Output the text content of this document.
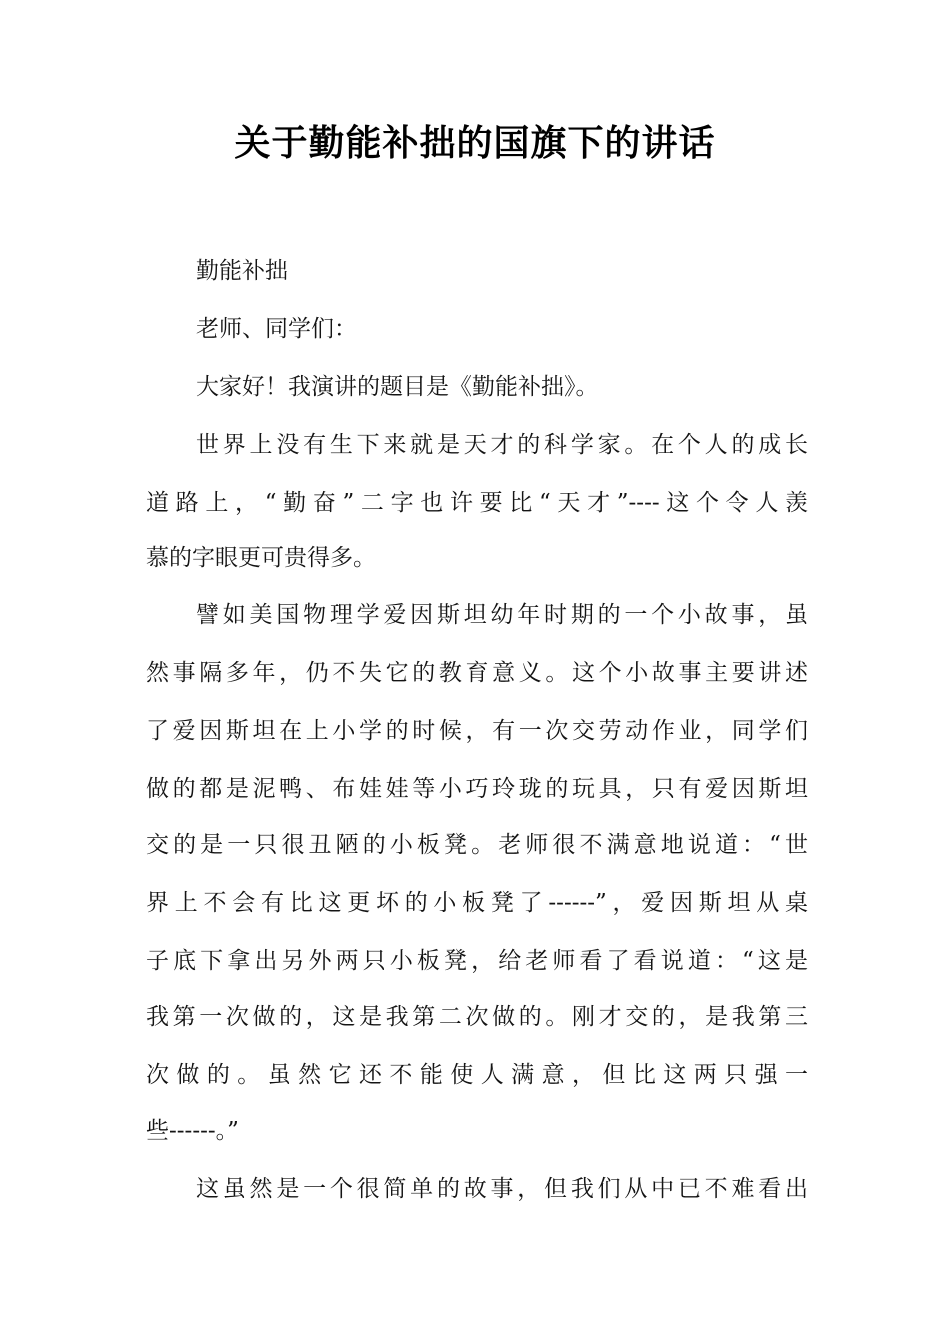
关于勤能补拙的国旗下的讲话
勤能补拙
老师、同学们：
大家好！我演讲的题目是《勤能补拙》。
世界上没有生下来就是天才的科学家。在个人的成长
道路上，“勤奋”二字也许要比“天才”----这个令人羡
慕的字眼更可贵得多。
譬如美国物理学爱因斯坦幼年时期的一个小故事，虽
然事隔多年，仍不失它的教育意义。这个小故事主要讲述
了爱因斯坦在上小学的时候，有一次交劳动作业，同学们
做的都是泥鸭、布娃娃等小巧玲珑的玩具，只有爱因斯坦
交的是一只很丑陋的小板凳。老师很不满意地说道：“世
界上不会有比这更坏的小板凳了------”，爱因斯坦从桌
子底下拿出另外两只小板凳，给老师看了看说道：“这是
我第一次做的，这是我第二次做的。刚才交的，是我第三
次做的。虽然它还不能使人满意，但比这两只强一
些------。”
这虽然是一个很简单的故事，但我们从中已不难看出
